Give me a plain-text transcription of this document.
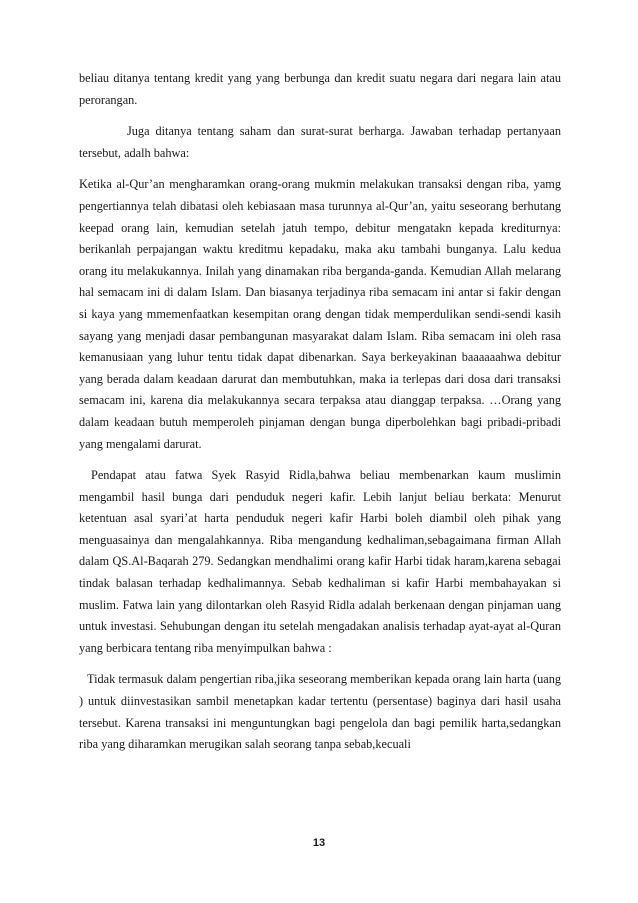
beliau ditanya tentang kredit yang yang berbunga dan kredit suatu negara dari negara lain atau perorangan.

Juga ditanya tentang saham dan surat-surat berharga. Jawaban terhadap pertanyaan tersebut, adalh bahwa:

Ketika al-Qur’an mengharamkan orang-orang mukmin melakukan transaksi dengan riba, yamg pengertiannya telah dibatasi oleh kebiasaan masa turunnya al-Qur’an, yaitu seseorang berhutang keepad orang lain, kemudian setelah jatuh tempo, debitur mengatakn kepada krediturnya: berikanlah perpajangan waktu kreditmu kepadaku, maka aku tambahi bunganya. Lalu kedua orang itu melakukannya. Inilah yang dinamakan riba berganda-ganda. Kemudian Allah melarang hal semacam ini di dalam Islam. Dan biasanya terjadinya riba semacam ini antar si fakir dengan si kaya yang mmemenfaatkan kesempitan orang dengan tidak memperdulikan sendi-sendi kasih sayang yang menjadi dasar pembangunan masyarakat dalam Islam. Riba semacam ini oleh rasa kemanusiaan yang luhur tentu tidak dapat dibenarkan. Saya berkeyakinan baaaaaahwa debitur yang berada dalam keadaan darurat dan membutuhkan, maka ia terlepas dari dosa dari transaksi semacam ini, karena dia melakukannya secara terpaksa atau dianggap terpaksa. …Orang yang dalam keadaan butuh memperoleh pinjaman dengan bunga diperbolehkan bagi pribadi-pribadi yang mengalami darurat.

Pendapat atau fatwa Syek Rasyid Ridla,bahwa beliau membenarkan kaum muslimin mengambil hasil bunga dari penduduk negeri kafir. Lebih lanjut beliau berkata: Menurut ketentuan asal syari’at harta penduduk negeri kafir Harbi boleh diambil oleh pihak yang menguasainya dan mengalahkannya. Riba mengandung kedhaliman,sebagaimana firman Allah dalam QS.Al-Baqarah 279. Sedangkan mendhalimi orang kafir Harbi tidak haram,karena sebagai tindak balasan terhadap kedhalimannya. Sebab kedhaliman si kafir Harbi membahayakan si muslim. Fatwa lain yang dilontarkan oleh Rasyid Ridla adalah berkenaan dengan pinjaman uang untuk investasi. Sehubungan dengan itu setelah mengadakan analisis terhadap ayat-ayat al-Quran yang berbicara tentang riba menyimpulkan bahwa :

Tidak termasuk dalam pengertian riba,jika seseorang memberikan kepada orang lain harta (uang ) untuk diinvestasikan sambil menetapkan kadar tertentu (persentase) baginya dari hasil usaha tersebut. Karena transaksi ini menguntungkan bagi pengelola dan bagi pemilik harta,sedangkan riba yang diharamkan merugikan salah seorang tanpa sebab,kecuali

13
